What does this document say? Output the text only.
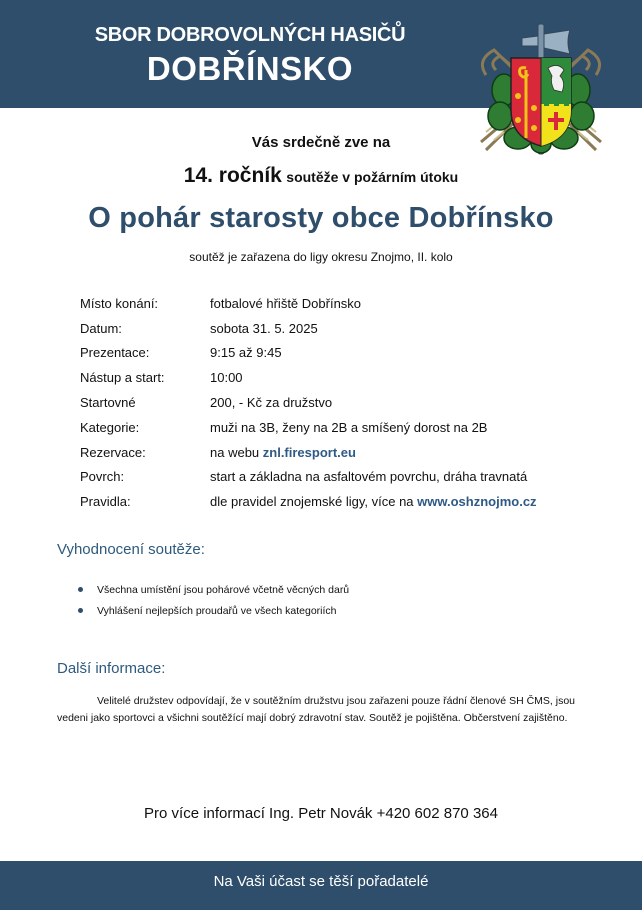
SBOR DOBROVOLNÝCH HASIČŮ
DOBŘÍNSKO
Vás srdečně zve na
14. ročník soutěže v požárním útoku
O pohár starosty obce Dobřínsko
soutěž je zařazena do ligy okresu Znojmo, II. kolo
Místo konání:	fotbalové hřiště Dobřínsko
Datum:	sobota 31. 5. 2025
Prezentace:	9:15 až 9:45
Nástup a start:	10:00
Startovné	200, - Kč za družstvo
Kategorie:	muži na 3B, ženy na 2B a smíšený dorost na 2B
Rezervace:	na webu znl.firesport.eu
Povrch:	start a základna na asfaltovém povrchu, dráha travnatá
Pravidla:	dle pravidel znojemské ligy, více na www.oshznojmo.cz
Vyhodnocení soutěže:
Všechna umístění jsou pohárové včetně věcných darů
Vyhlášení nejlepších proudařů ve všech kategoriích
Další informace:

Velitelé družstev odpovídají, že v soutěžním družstvu jsou zařazeni pouze řádní členové SH ČMS, jsou vedeni jako sportovci a všichni soutěžící mají dobrý zdravotní stav. Soutěž je pojištěna. Občerstvení zajištěno.

Pro více informací Ing. Petr Novák +420 602 870 364
Na Vaši účast se těší pořadatelé
